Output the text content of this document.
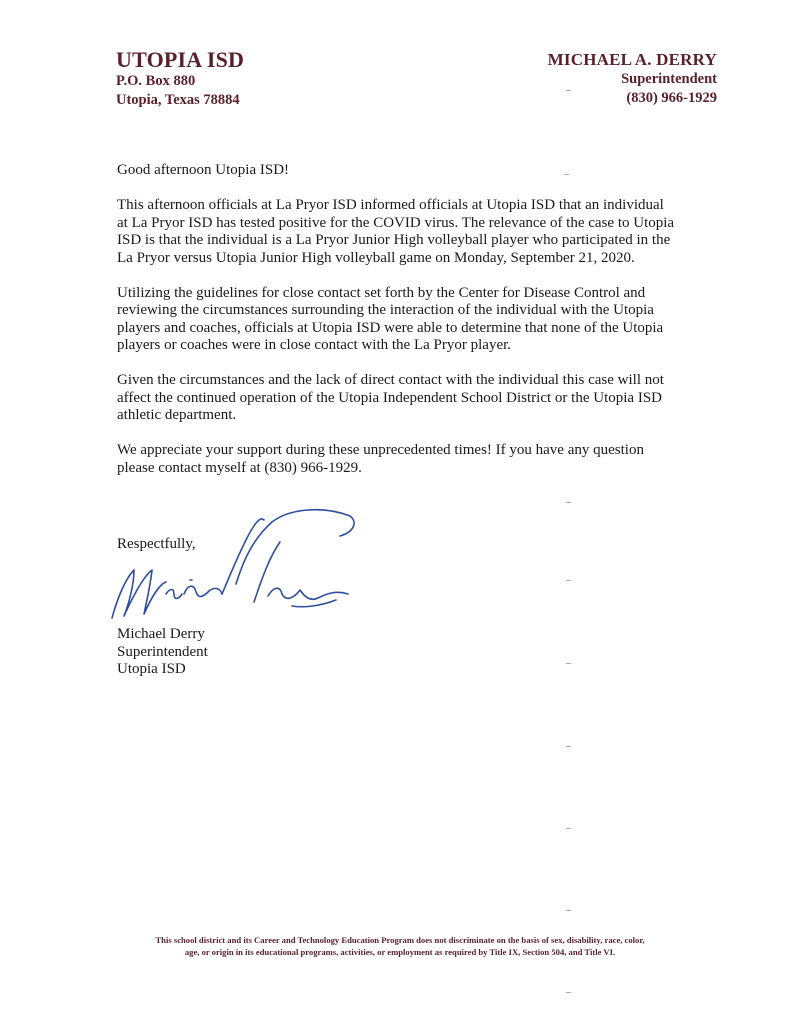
UTOPIA ISD
P.O. Box 880
Utopia, Texas 78884
MICHAEL A. DERRY
Superintendent
(830) 966-1929

Good afternoon Utopia ISD!

This afternoon officials at La Pryor ISD informed officials at Utopia ISD that an individual at La Pryor ISD has tested positive for the COVID virus. The relevance of the case to Utopia ISD is that the individual is a La Pryor Junior High volleyball player who participated in the La Pryor versus Utopia Junior High volleyball game on Monday, September 21, 2020.

Utilizing the guidelines for close contact set forth by the Center for Disease Control and reviewing the circumstances surrounding the interaction of the individual with the Utopia players and coaches, officials at Utopia ISD were able to determine that none of the Utopia players or coaches were in close contact with the La Pryor player.

Given the circumstances and the lack of direct contact with the individual this case will not affect the continued operation of the Utopia Independent School District or the Utopia ISD athletic department.

We appreciate your support during these unprecedented times! If you have any question please contact myself at (830) 966-1929.

Respectfully,
Michael Derry
Superintendent
Utopia ISD
This school district and its Career and Technology Education Program does not discriminate on the basis of sex, disability, race, color,
age, or origin in its educational programs, activities, or employment as required by Title IX, Section 504, and Title VI.
